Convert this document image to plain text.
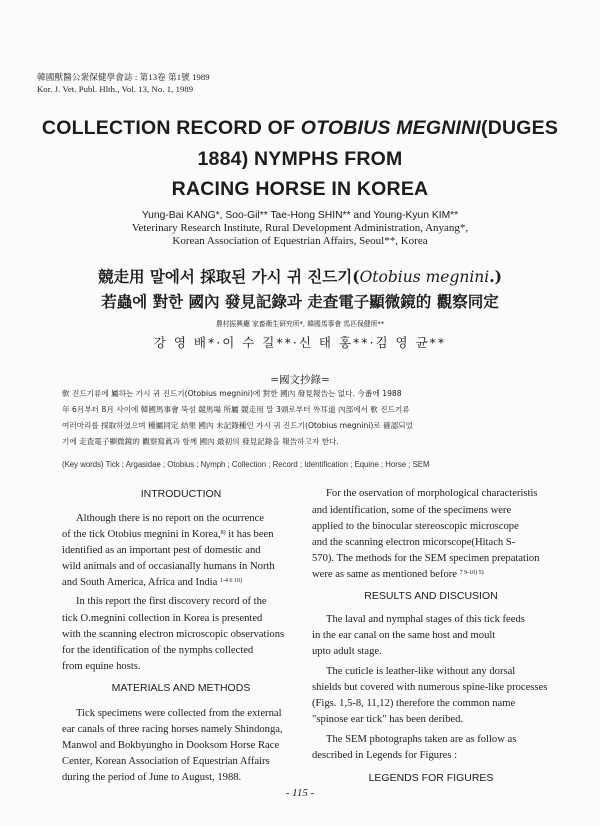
韓國獸醫公衆保健學會誌 : 第13卷 第1號 1989
Kor. J. Vet. Publ. Hlth., Vol. 13, No. 1, 1989
COLLECTION RECORD OF OTOBIUS MEGNINI(DUGES
1884) NYMPHS FROM
RACING HORSE IN KOREA
Yung-Bai KANG*, Soo-Gil** Tae-Hong SHIN** and Young-Kyun KIM**
Veterinary Research Institute, Rural Development Administration, Anyang*,
Korean Association of Equestrian Affairs, Seoul**, Korea
競走用 말에서 採取된 가시 귀 진드기(Otobius megnini.)
若蟲에 對한 國內 發見記錄과 走査電子顯微鏡的 觀察同定
農村振興廳 家畜衛生研究所*, 韓國馬事會 馬匹保健所**
강 영 배*·이 수 길**·신 태 홍**·김 영 균**
=國文抄錄=
軟 진드기류에 屬하는 가시 귀 진드기(Otobius megnini)에 對한 國內 發見報告는 없다. 今番에 1988
年 6月부터 8月 사이에 韓國馬事會 뚝섬 競馬場 所屬 競走用 말 3頭로부터 外耳道 內部에서 軟 진드기류
여러마리를 採取하였으며 種屬同定 結果 國內 未記錄種인 가시 귀 진드기(Otobius megnini)로 確認되었
기에 走査電子顯微鏡的 觀察寫眞과 함께 國內 最初의 發見記錄을 報告하고자 한다.
(Key words) Tick ; Argasidae ; Otobius ; Nymph ; Collection ; Record ; Identification ; Equine ; Horse ; SEM
INTRODUCTION
Although there is no report on the ocurrence
of the tick Otobius megnini in Korea,$^{8)}$ it has been
identified as an important pest of domestic and
wild animals and of occasianally humans in North
and South America, Africa and India $^{1-4 6 10)}$
In this report the first discovery record of the
tick O.megnini collection in Korea is presented
with the scanning electron microscopic observations
for the identification of the nymphs collected
from equine hosts.
MATERIALS AND METHODS
Tick specimens were collected from the external
ear canals of three racing horses namely Shindonga,
Manwol and Bokbyungho in Dooksom Horse Race
Center, Korean Association of Equestrian Affairs
during the period of June to August, 1988.
For the oservation of morphological characteristis
and identification, some of the specimens were
applied to the binocular stereoscopic microscope
and the scanning electron micorscope(Hitach S-
570). The methods for the SEM specimen prepatation
were as same as mentioned before $^{7 9-10) 5)}$
RESULTS AND DISCUSION
The laval and nymphal stages of this tick feeds
in the ear canal on the same host and moult
upto adult stage.
The cuticle is leather-like without any dorsal
shields but covered with numerous spine-like processes
(Figs. 1,5-8, 11,12) therefore the common name
"spinose ear tick" has been deribed.
The SEM photographs taken are as follow as
described in Legends for Figures :
LEGENDS FOR FIGURES
- 115 -
